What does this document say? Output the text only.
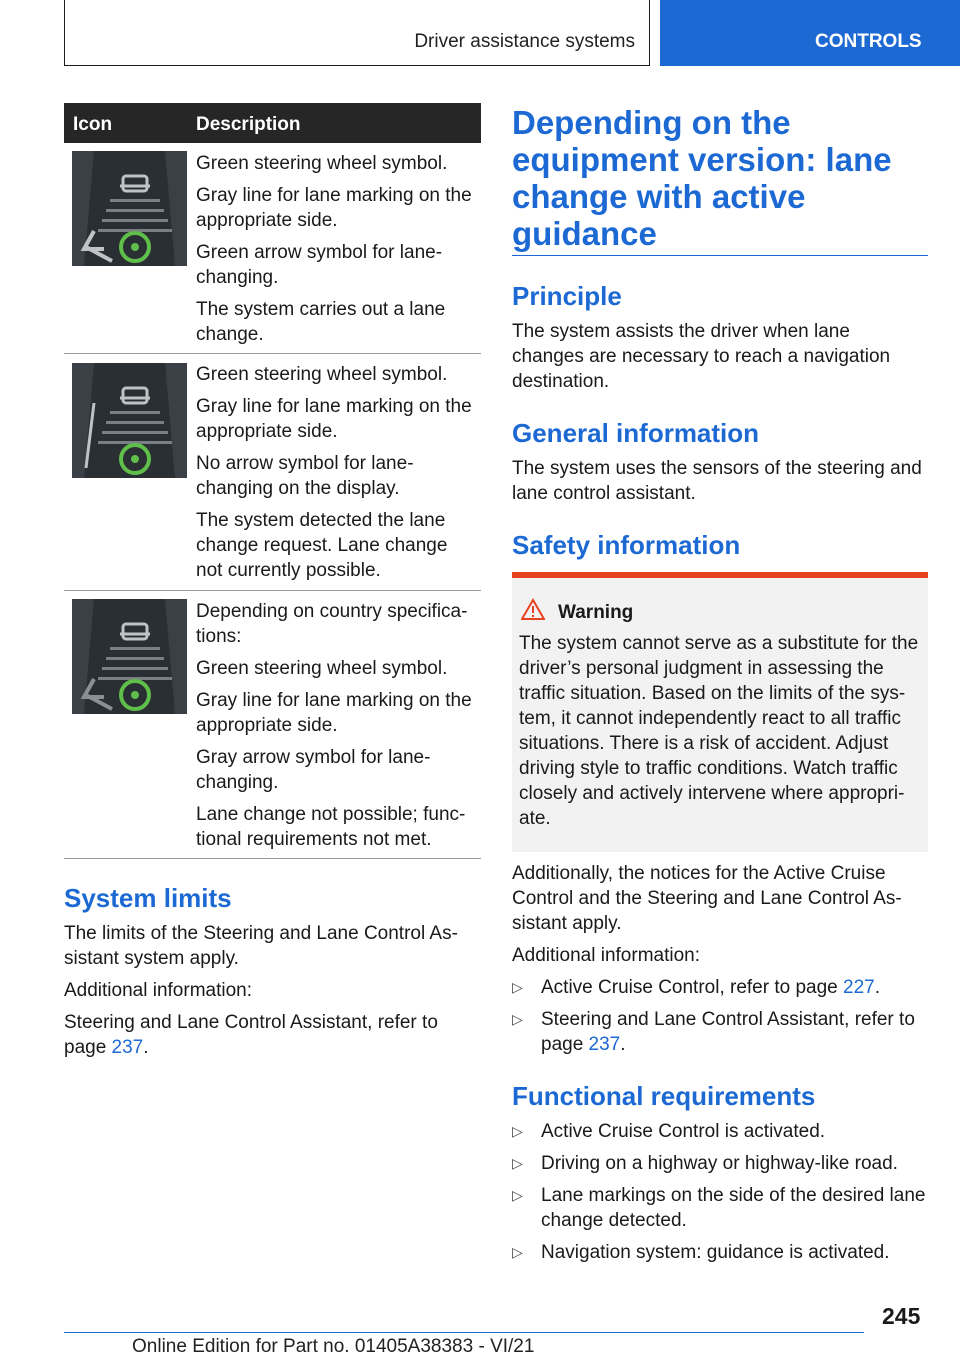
Driver assistance systems	CONTROLS
Icon	Description

Green steering wheel symbol.

Gray line for lane marking on the appropriate side.

Green arrow symbol for lane-changing.

The system carries out a lane change.

Green steering wheel symbol.

Gray line for lane marking on the appropriate side.

No arrow symbol for lane-changing on the display.

The system detected the lane change request. Lane change not currently possible.

Depending on country specifica-tions:

Green steering wheel symbol.

Gray line for lane marking on the appropriate side.

Gray arrow symbol for lane-changing.

Lane change not possible; func-tional requirements not met.

System limits
The limits of the Steering and Lane Control As-sistant system apply.
Additional information:
Steering and Lane Control Assistant, refer to page 237.
Depending on the equipment version: lane change with active guidance
Principle
The system assists the driver when lane changes are necessary to reach a navigation destination.
General information
The system uses the sensors of the steering and lane control assistant.
Safety information
Warning
The system cannot serve as a substitute for the driver’s personal judgment in assessing the traffic situation. Based on the limits of the sys-tem, it cannot independently react to all traffic situations. There is a risk of accident. Adjust driving style to traffic conditions. Watch traffic closely and actively intervene where appropri-ate.
Additionally, the notices for the Active Cruise Control and the Steering and Lane Control As-sistant apply.
Additional information:
▷ Active Cruise Control, refer to page 227.
▷ Steering and Lane Control Assistant, refer to page 237.
Functional requirements
▷ Active Cruise Control is activated.
▷ Driving on a highway or highway-like road.
▷ Lane markings on the side of the desired lane change detected.
▷ Navigation system: guidance is activated.
245
Online Edition for Part no. 01405A38383 - VI/21
